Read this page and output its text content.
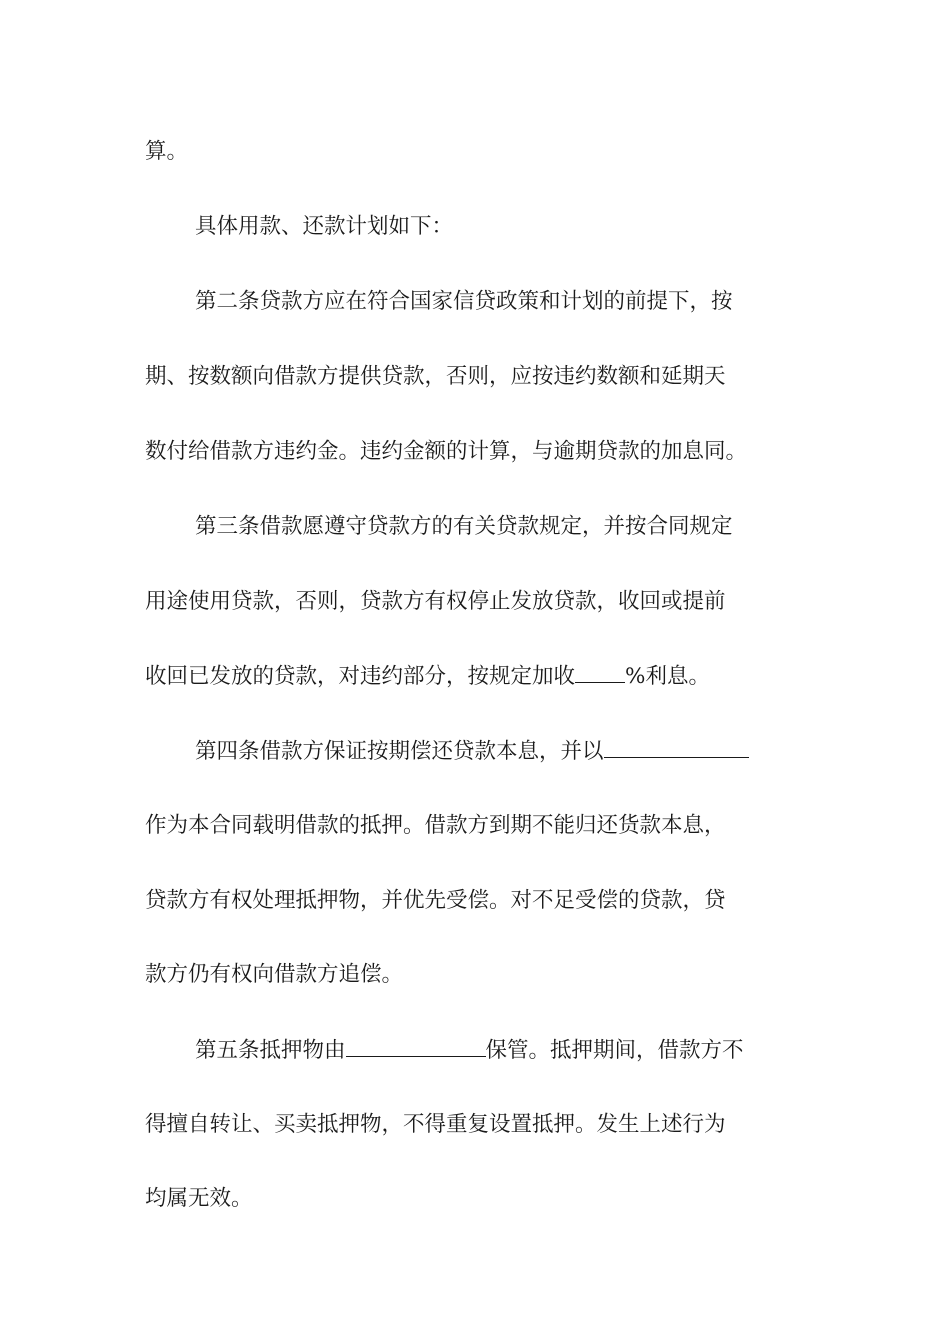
算。
具体用款、还款计划如下：
第二条贷款方应在符合国家信贷政策和计划的前提下，按
期、按数额向借款方提供贷款，否则，应按违约数额和延期天
数付给借款方违约金。违约金额的计算，与逾期贷款的加息同。
第三条借款愿遵守贷款方的有关贷款规定，并按合同规定
用途使用贷款，否则，贷款方有权停止发放贷款，收回或提前
收回已发放的贷款，对违约部分，按规定加收 %利息。
第四条借款方保证按期偿还贷款本息，并以
作为本合同载明借款的抵押。借款方到期不能归还货款本息，
贷款方有权处理抵押物，并优先受偿。对不足受偿的贷款，贷
款方仍有权向借款方追偿。
第五条抵押物由	保管。抵押期间，借款方不
得擅自转让、买卖抵押物，不得重复设置抵押。发生上述行为
均属无效。
